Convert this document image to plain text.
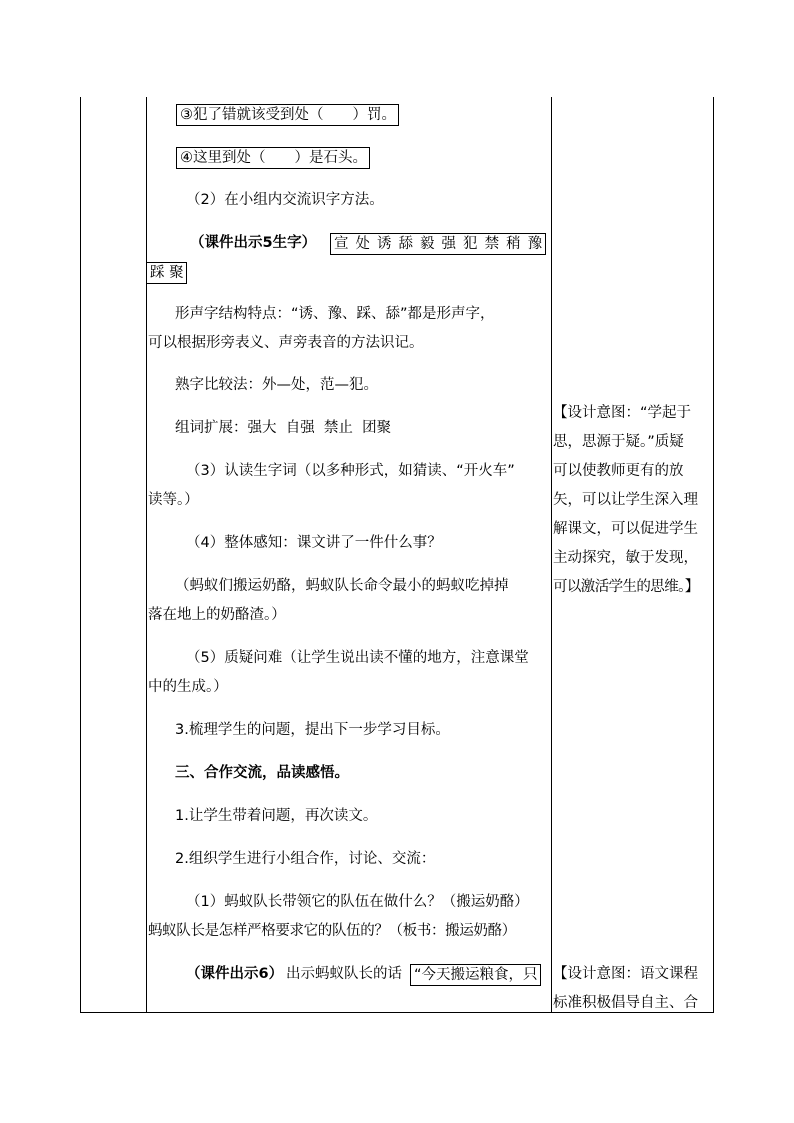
③犯了错就该受到处（　　）罚。
④这里到处（　　）是石头。
（2）在小组内交流识字方法。
（课件出示5生字） 宣 处 诱 舔 毅 强 犯 禁 稍 豫
踩 聚
形声字结构特点：“诱、豫、踩、舔”都是形声字，
可以根据形旁表义、声旁表音的方法识记。
熟字比较法：外—处，范—犯。
组词扩展：强大  自强  禁止  团聚
（3）认读生字词（以多种形式，如猜读、“开火车”
读等。）
（4）整体感知：课文讲了一件什么事？
（蚂蚁们搬运奶酪，蚂蚁队长命令最小的蚂蚁吃掉掉
落在地上的奶酪渣。）
（5）质疑问难（让学生说出读不懂的地方，注意课堂
中的生成。）
3.梳理学生的问题，提出下一步学习目标。
三、合作交流，品读感悟。
1.让学生带着问题，再次读文。
2.组织学生进行小组合作，讨论、交流：
（1）蚂蚁队长带领它的队伍在做什么？（搬运奶酪）
蚂蚁队长是怎样严格要求它的队伍的？（板书：搬运奶酪）
（课件出示6） 出示蚂蚁队长的话 “今天搬运粮食，只
【设计意图：“学起于
思，思源于疑。”质疑
可以使教师更有的放
矢，可以让学生深入理
解课文，可以促进学生
主动探究，敏于发现，
可以激活学生的思维。】
【设计意图：语文课程
标准积极倡导自主、合
